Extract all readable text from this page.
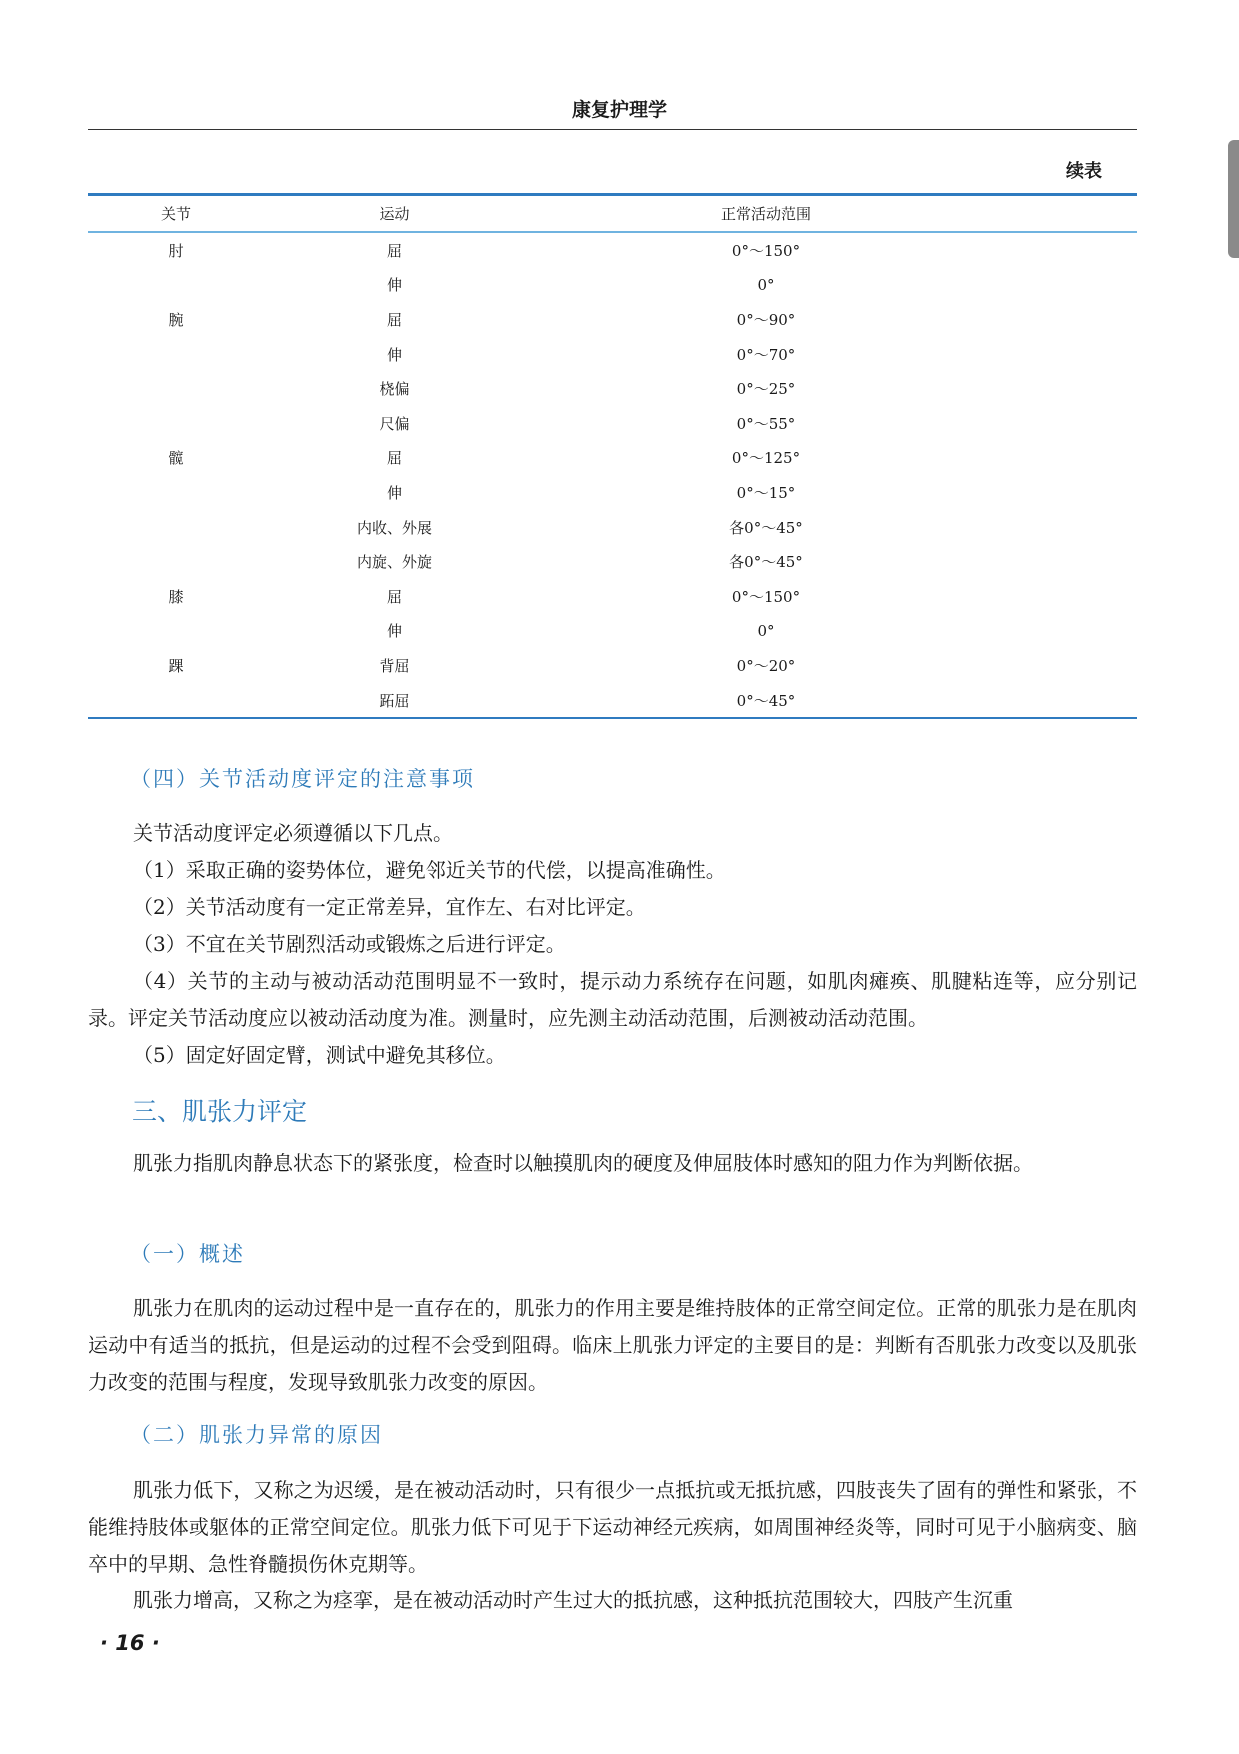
康复护理学
续表
关节	运动	正常活动范围
肘	屈	0°～150°
	伸	0°
腕	屈	0°～90°
	伸	0°～70°
	桡偏	0°～25°
	尺偏	0°～55°
髋	屈	0°～125°
	伸	0°～15°
	内收、外展	各0°～45°
	内旋、外旋	各0°～45°
膝	屈	0°～150°
	伸	0°
踝	背屈	0°～20°
	跖屈	0°～45°
（四）关节活动度评定的注意事项
关节活动度评定必须遵循以下几点。
（1）采取正确的姿势体位，避免邻近关节的代偿，以提高准确性。
（2）关节活动度有一定正常差异，宜作左、右对比评定。
（3）不宜在关节剧烈活动或锻炼之后进行评定。

（4）关节的主动与被动活动范围明显不一致时，提示动力系统存在问题，如肌肉瘫痪、肌腱粘连等，应分别记录。评定关节活动度应以被动活动度为准。测量时，应先测主动活动范围，后测被动活动范围。

（5）固定好固定臂，测试中避免其移位。
三、肌张力评定

肌张力指肌肉静息状态下的紧张度，检查时以触摸肌肉的硬度及伸屈肢体时感知的阻力作为判断依据。

（一）概述

肌张力在肌肉的运动过程中是一直存在的，肌张力的作用主要是维持肢体的正常空间定位。正常的肌张力是在肌肉运动中有适当的抵抗，但是运动的过程不会受到阻碍。临床上肌张力评定的主要目的是：判断有否肌张力改变以及肌张力改变的范围与程度，发现导致肌张力改变的原因。

（二）肌张力异常的原因

肌张力低下，又称之为迟缓，是在被动活动时，只有很少一点抵抗或无抵抗感，四肢丧失了固有的弹性和紧张，不能维持肢体或躯体的正常空间定位。肌张力低下可见于下运动神经元疾病，如周围神经炎等，同时可见于小脑病变、脑卒中的早期、急性脊髓损伤休克期等。

肌张力增高，又称之为痉挛，是在被动活动时产生过大的抵抗感，这种抵抗范围较大，四肢产生沉重
· 16 ·
